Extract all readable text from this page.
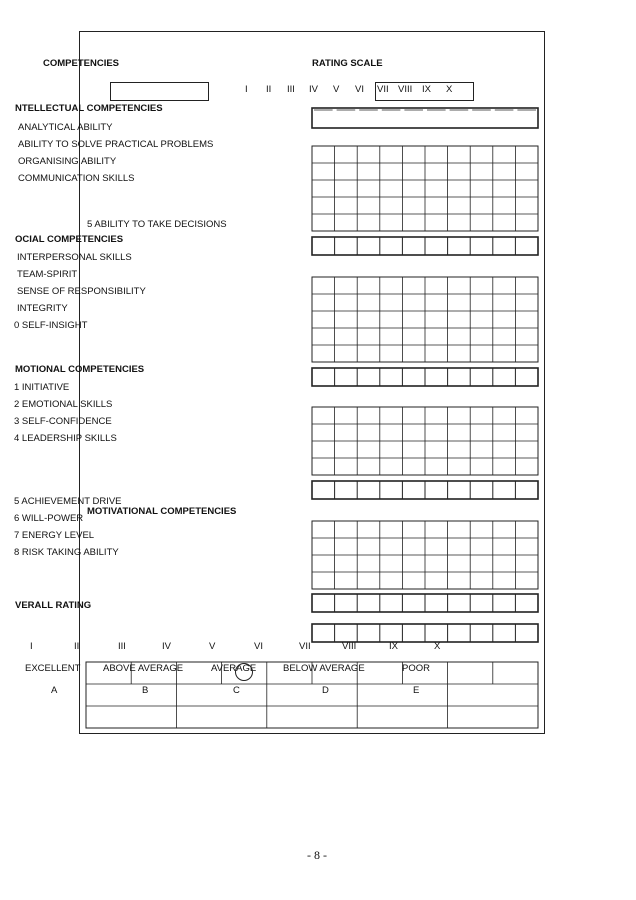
COMPETENCIES	RATING SCALE
I II III IV V VI VII VIII IX X
NTELLECTUAL COMPETENCIES
ANALYTICAL ABILITY
ABILITY TO SOLVE PRACTICAL PROBLEMS
ORGANISING ABILITY
COMMUNICATION SKILLS
5 ABILITY TO TAKE DECISIONS
OCIAL COMPETENCIES
INTERPERSONAL SKILLS
TEAM-SPIRIT
SENSE OF RESPONSIBILITY
INTEGRITY
0 SELF-INSIGHT
MOTIONAL COMPETENCIES
1 INITIATIVE
2 EMOTIONAL SKILLS
3 SELF-CONFIDENCE
4 LEADERSHIP SKILLS
5 ACHIEVEMENT DRIVE
MOTIVATIONAL COMPETENCIES
6 WILL-POWER
7 ENERGY LEVEL
8 RISK TAKING ABILITY
VERALL RATING
I	II	III	IV	V	VI	VII	VIII	IX	X
EXCELLENT ABOVE AVERAGE	AVERAGE	BELOW AVERAGE	POOR
A	B	C	D	E
- 8 -
